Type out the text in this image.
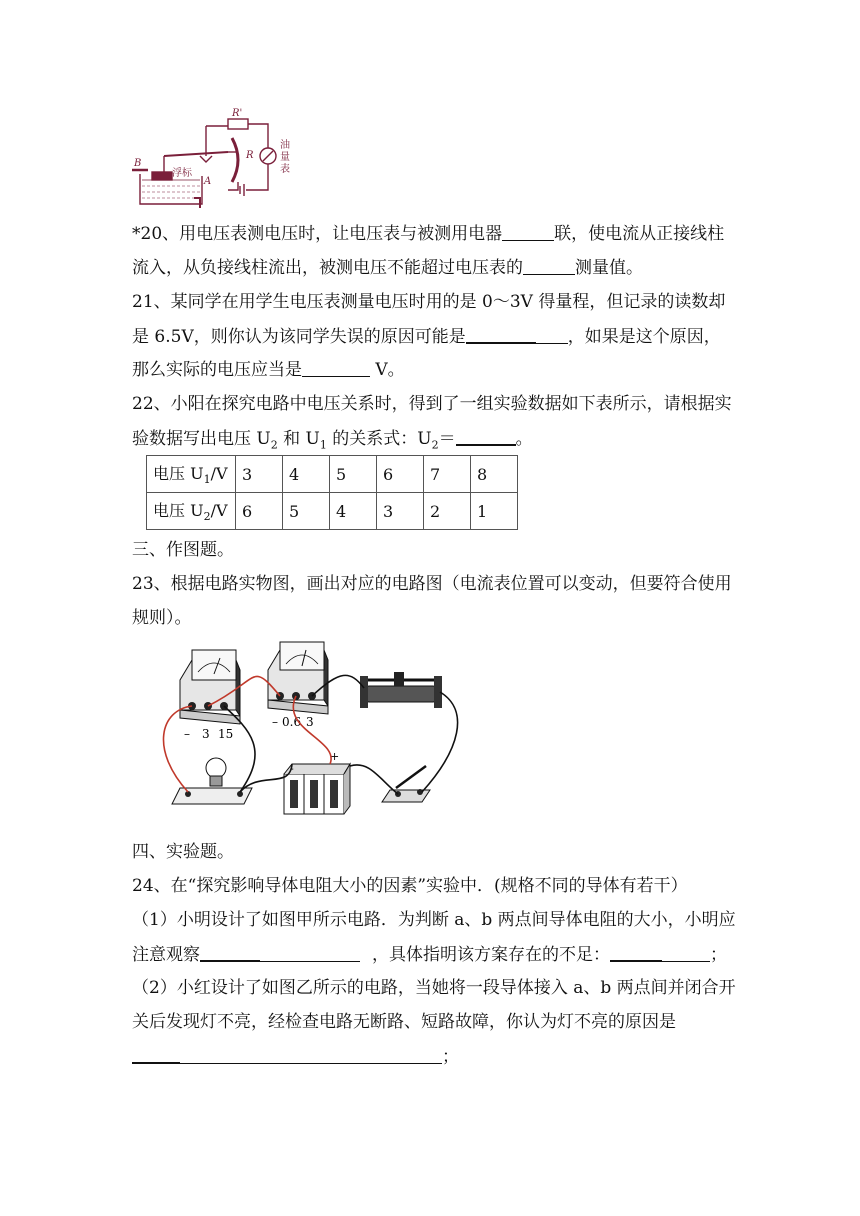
R'
R
B
A
浮标
油
量
表
*20、用电压表测电压时，让电压表与被测用电器	联，使电流从正接线柱
流入，从负接线柱流出，被测电压不能超过电压表的	测量值。
21、某同学在用学生电压表测量电压时用的是 0～3V 得量程，但记录的读数却
是 6.5V，则你认为该同学失误的原因可能是	，如果是这个原因，
那么实际的电压应当是	V。
22、小阳在探究电路中电压关系时，得到了一组实验数据如下表所示，请根据实
验数据写出电压 $U_2$ 和 $U_1$ 的关系式：$U_2=$	。
电压 $U_1/V$	3	4	5	6	7	8
电压 $U_2/V$	6	5	4	3	2	1
三、作图题。
23、根据电路实物图，画出对应的电路图（电流表位置可以变动，但要符合使用
规则）。
– 3 15
– 0.6 3
+
-
四、实验题。
24、在“探究影响导体电阻大小的因素”实验中．(规格不同的导体有若干）
（1）小明设计了如图甲所示电路．为判断 a、b 两点间导体电阻的大小，小明应
注意观察	，具体指明该方案存在的不足：	；
（2）小红设计了如图乙所示的电路，当她将一段导体接入 a、b 两点间并闭合开
关后发现灯不亮，经检查电路无断路、短路故障，你认为灯不亮的原因是
；
